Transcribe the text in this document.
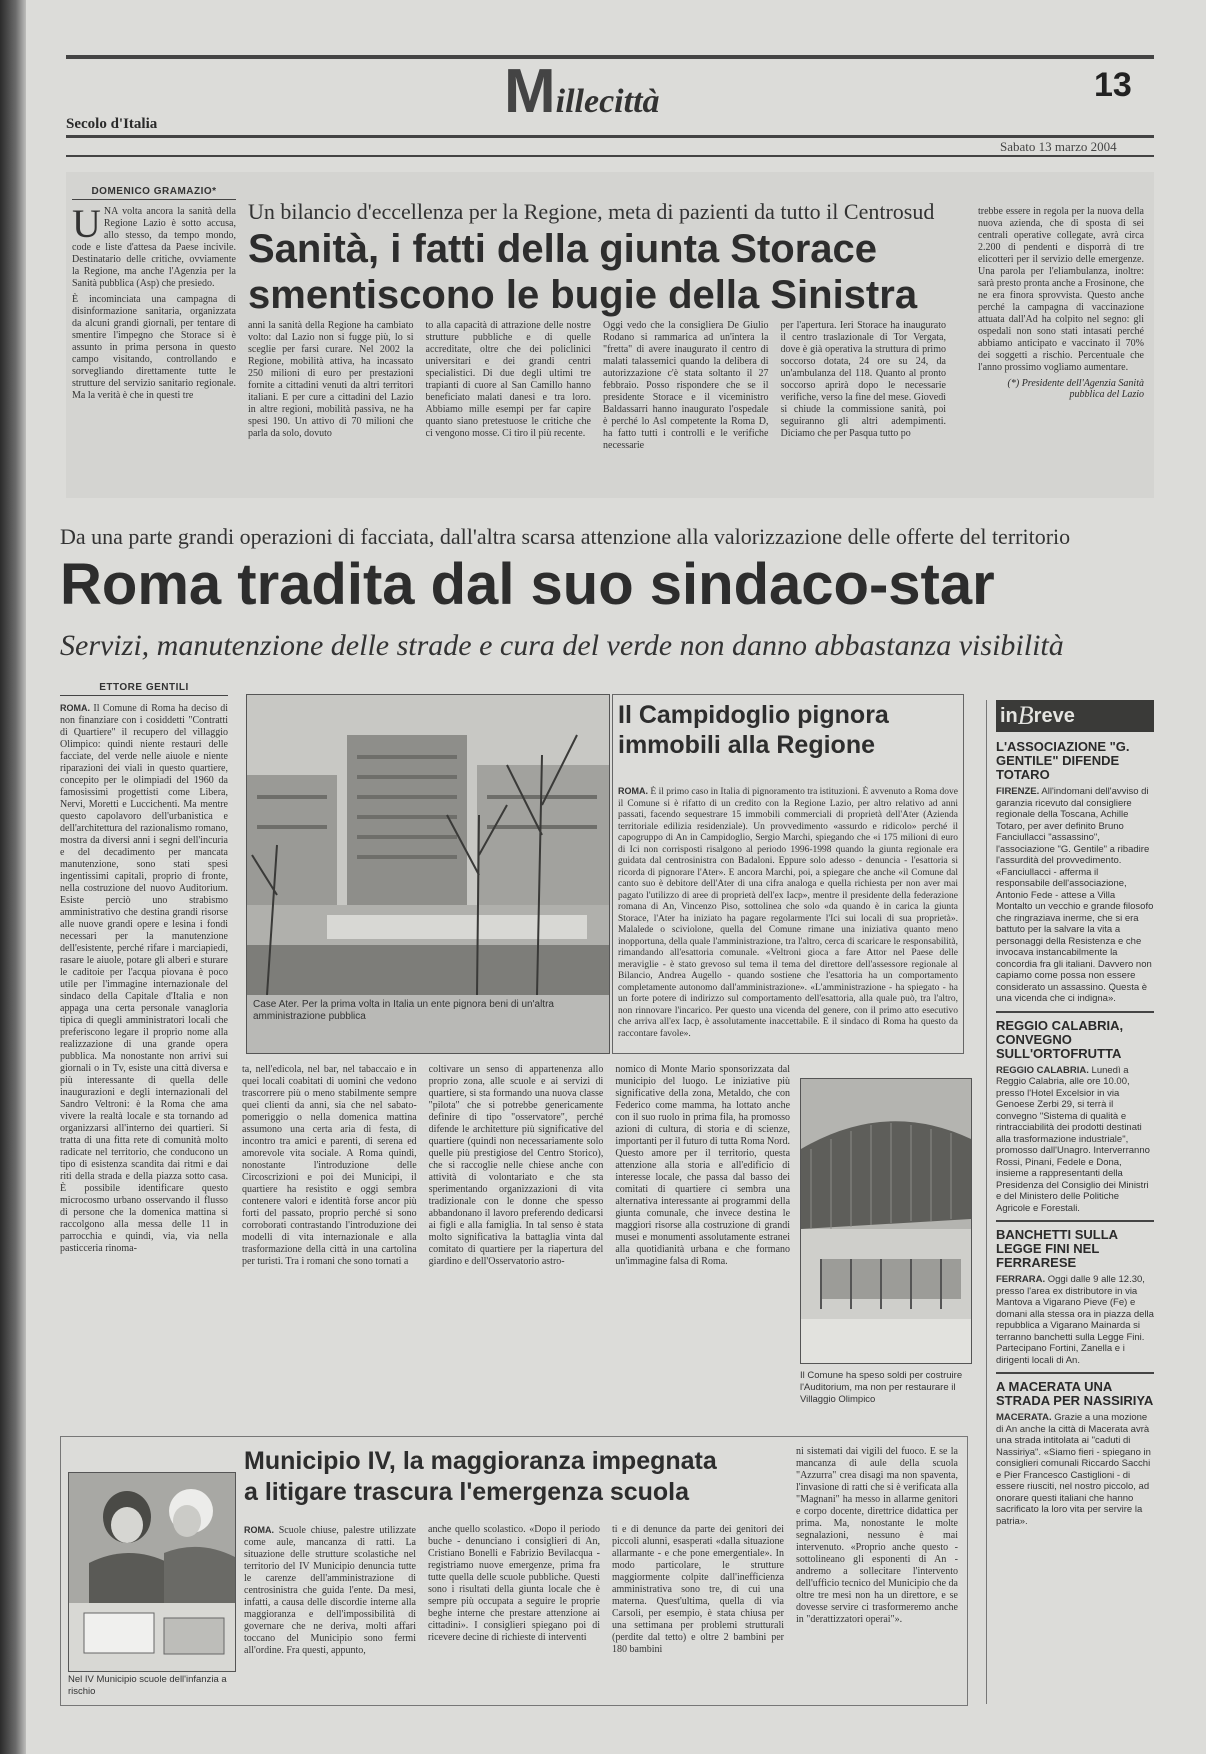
Secolo d'Italia	Millecittà	13
Sabato 13 marzo 2004
DOMENICO GRAMAZIO*
U NA volta ancora la sanità della Regione Lazio è sotto accusa, allo stesso, da tempo mondo, code e liste d'attesa da Paese incivile. Destinatario delle critiche, ovviamente la Regione, ma anche l'Agenzia per la Sanità pubblica (Asp) che presiedo.
È incominciata una campagna di disinformazione sanitaria, organizzata da alcuni grandi giornali, per tentare di smentire l'impegno che Storace si è assunto in prima persona in questo campo visitando, controllando e sorvegliando direttamente tutte le strutture del servizio sanitario regionale. Ma la verità è che in questi tre
Un bilancio d'eccellenza per la Regione, meta di pazienti da tutto il Centrosud
Sanità, i fatti della giunta Storace
smentiscono le bugie della Sinistra
anni la sanità della Regione ha cambiato volto: dal Lazio non si fugge più, lo si sceglie per farsi curare. Nel 2002 la Regione, mobilità attiva, ha incassato 250 milioni di euro per prestazioni fornite a cittadini venuti da altri territori italiani. E per cure a cittadini del Lazio in altre regioni, mobilità passiva, ne ha spesi 190. Un attivo di 70 milioni che parla da solo, dovuto
to alla capacità di attrazione delle nostre strutture pubbliche e di quelle accreditate, oltre che dei policlinici universitari e dei grandi centri specialistici. Di due degli ultimi tre trapianti di cuore al San Camillo hanno beneficiato malati danesi e tra loro. Abbiamo mille esempi per far capire quanto siano pretestuose le critiche che ci vengono mosse. Ci tiro il più recente.
Oggi vedo che la consigliera De Giulio Rodano si rammarica ad un'intera la "fretta" di avere inaugurato il centro di malati talassemici quando la delibera di autorizzazione c'è stata soltanto il 27 febbraio. Posso rispondere che se il presidente Storace e il viceministro Baldassarri hanno inaugurato l'ospedale è perché lo Asl competente la Roma D, ha fatto tutti i controlli e le verifiche necessarie
per l'apertura. Ieri Storace ha inaugurato il centro traslazionale di Tor Vergata, dove è già operativa la struttura di primo soccorso dotata, 24 ore su 24, da un'ambulanza del 118. Quanto al pronto soccorso aprirà dopo le necessarie verifiche, verso la fine del mese. Giovedì si chiude la commissione sanità, poi seguiranno gli altri adempimenti. Diciamo che per Pasqua tutto po
trebbe essere in regola per la nuova della nuova azienda, che di sposta di sei centrali operative collegate, avrà circa 2.200 di pendenti e disporrà di tre elicotteri per il servizio delle emergenze. Una parola per l'eliambulanza, inoltre: sarà presto pronta anche a Frosinone, che ne era finora sprovvista. Questo anche perché la campagna di vaccinazione attuata dall'Ad ha colpito nel segno: gli ospedali non sono stati intasati perché abbiamo anticipato e vaccinato il 70% dei soggetti a rischio. Percentuale che l'anno prossimo vogliamo aumentare.
(*) Presidente dell'Agenzia Sanità pubblica del Lazio
Da una parte grandi operazioni di facciata, dall'altra scarsa attenzione alla valorizzazione delle offerte del territorio
Roma tradita dal suo sindaco-star
Servizi, manutenzione delle strade e cura del verde non danno abbastanza visibilità
ETTORE GENTILI
ROMA. Il Comune di Roma ha deciso di non finanziare con i cosiddetti "Contratti di Quartiere" il recupero del villaggio Olimpico: quindi niente restauri delle facciate, del verde nelle aiuole e niente riparazioni dei viali in questo quartiere, concepito per le olimpiadi del 1960 da famosissimi progettisti come Libera, Nervi, Moretti e Luccichenti. Ma mentre questo capolavoro dell'urbanistica e dell'architettura del razionalismo romano, mostra da diversi anni i segni dell'incuria e del decadimento per mancata manutenzione, sono stati spesi ingentissimi capitali, proprio di fronte, nella costruzione del nuovo Auditorium. Esiste perciò uno strabismo amministrativo che destina grandi risorse alle nuove grandi opere e lesina i fondi necessari per la manutenzione dell'esistente, perché rifare i marciapiedi, rasare le aiuole, potare gli alberi e sturare le caditoie per l'acqua piovana è poco utile per l'immagine internazionale del sindaco della Capitale d'Italia e non appaga una certa personale vanagloria tipica di quegli amministratori locali che preferiscono legare il proprio nome alla realizzazione di una grande opera pubblica. Ma nonostante non arrivi sui giornali o in Tv, esiste una città diversa e più interessante di quella delle inaugurazioni e degli internazionali del Sandro Veltroni: è la Roma che ama vivere la realtà locale e sta tornando ad organizzarsi all'interno dei quartieri. Si tratta di una fitta rete di comunità molto radicate nel territorio, che conducono un tipo di esistenza scandita dai ritmi e dai riti della strada e della piazza sotto casa. È possibile identificare questo microcosmo urbano osservando il flusso di persone che la domenica mattina si raccolgono alla messa delle 11 in parrocchia e quindi, via, via nella pasticceria rinoma-
Case Ater. Per la prima volta in Italia un ente pignora beni di un'altra amministrazione pubblica
Il Campidoglio pignora immobili alla Regione
ROMA. È il primo caso in Italia di pignoramento tra istituzioni. È avvenuto a Roma dove il Comune si è rifatto di un credito con la Regione Lazio, per altro relativo ad anni passati, facendo sequestrare 15 immobili commerciali di proprietà dell'Ater (Azienda territoriale edilizia residenziale). Un provvedimento «assurdo e ridicolo» perché il capogruppo di An in Campidoglio, Sergio Marchi, spiegando che «i 175 milioni di euro di Ici non corrisposti risalgono al periodo 1996-1998 quando la giunta regionale era guidata dal centrosinistra con Badaloni. Eppure solo adesso - denuncia - l'esattoria si ricorda di pignorare l'Ater». E ancora Marchi, poi, a spiegare che anche «il Comune dal canto suo è debitore dell'Ater di una cifra analoga e quella richiesta per non aver mai pagato l'utilizzo di aree di proprietà dell'ex Iacp», mentre il presidente della federazione romana di An, Vincenzo Piso, sottolinea che solo «da quando è in carica la giunta Storace, l'Ater ha iniziato ha pagare regolarmente l'Ici sui locali di sua proprietà». Malalede o sciviolone, quella del Comune rimane una iniziativa quanto meno inopportuna, della quale l'amministrazione, tra l'altro, cerca di scaricare le responsabilità, rimandando all'esattoria comunale. «Veltroni gioca a fare Attor nel Paese delle meraviglie - è stato grevoso sul tema il tema del direttore dell'assessore regionale al Bilancio, Andrea Augello - quando sostiene che l'esattoria ha un comportamento completamente autonomo dall'amministrazione». «L'amministrazione - ha spiegato - ha un forte potere di indirizzo sul comportamento dell'esattoria, alla quale può, tra l'altro, non rinnovare l'incarico. Per questo una vicenda del genere, con il primo atto esecutivo che arriva all'ex Iacp, è assolutamente inaccettabile. E il sindaco di Roma ha questo da raccontare favole».
ta, nell'edicola, nel bar, nel tabaccaio e in quei locali coabitati di uomini che vedono trascorrere più o meno stabilmente sempre quei clienti da anni, sia che nel sabato-pomeriggio o nella domenica mattina assumono una certa aria di festa, di incontro tra amici e parenti, di serena ed amorevole vita sociale. A Roma quindi, nonostante l'introduzione delle Circoscrizioni e poi dei Municipi, il quartiere ha resistito e oggi sembra contenere valori e identità forse ancor più forti del passato, proprio perché si sono corroborati contrastando l'introduzione dei modelli di vita internazionale e alla trasformazione della città in una cartolina per turisti. Tra i romani che sono tornati a
coltivare un senso di appartenenza allo proprio zona, alle scuole e ai servizi di quartiere, si sta formando una nuova classe "pilota" che si potrebbe genericamente definire di tipo "osservatore", perché difende le architetture più significative del quartiere (quindi non necessariamente solo quelle più prestigiose del Centro Storico), che si raccoglie nelle chiese anche con attività di volontariato e che sta sperimentando organizzazioni di vita tradizionale con le donne che spesso abbandonano il lavoro preferendo dedicarsi ai figli e alla famiglia. In tal senso è stata molto significativa la battaglia vinta dal comitato di quartiere per la riapertura del giardino e dell'Osservatorio astro-
nomico di Monte Mario sponsorizzata dal municipio del luogo. Le iniziative più significative della zona, Metaldo, che con Federico come mamma, ha lottato anche con il suo ruolo in prima fila, ha promosso azioni di cultura, di storia e di scienze, importanti per il futuro di tutta Roma Nord. Questo amore per il territorio, questa attenzione alla storia e all'edificio di interesse locale, che passa dal basso dei comitati di quartiere ci sembra una alternativa interessante ai programmi della giunta comunale, che invece destina le maggiori risorse alla costruzione di grandi musei e monumenti assolutamente estranei alla quotidianità urbana e che formano un'immagine falsa di Roma.
Il Comune ha speso soldi per costruire l'Auditorium, ma non per restaurare il Villaggio Olimpico
Nel IV Municipio scuole dell'infanzia a rischio
Municipio IV, la maggioranza impegnata
a litigare trascura l'emergenza scuola
ROMA. Scuole chiuse, palestre utilizzate come aule, mancanza di ratti. La situazione delle strutture scolastiche nel territorio del IV Municipio denuncia tutte le carenze dell'amministrazione di centrosinistra che guida l'ente. Da mesi, infatti, a causa delle discordie interne alla maggioranza e dell'impossibilità di governare che ne deriva, molti affari toccano del Municipio sono fermi all'ordine. Fra questi, appunto,
anche quello scolastico. «Dopo il periodo buche - denunciano i consiglieri di An, Cristiano Bonelli e Fabrizio Bevilacqua - registriamo nuove emergenze, prima fra tutte quella delle scuole pubbliche. Questi sono i risultati della giunta locale che è sempre più occupata a seguire le proprie beghe interne che prestare attenzione ai cittadini». I consiglieri spiegano poi di ricevere decine di richieste di interventi
ti e di denunce da parte dei genitori dei piccoli alunni, esasperati «dalla situazione allarmante - e che pone emergentiale». In modo particolare, le strutture maggiormente colpite dall'inefficienza amministrativa sono tre, di cui una materna. Quest'ultima, quella di via Carsoli, per esempio, è stata chiusa per una settimana per problemi strutturali (perdite dal tetto) e oltre 2 bambini per 180 bambini
ni sistemati dai vigili del fuoco. E se la mancanza di aule della scuola "Azzurra" crea disagi ma non spaventa, l'invasione di ratti che si è verificata alla "Magnani" ha messo in allarme genitori e corpo docente, direttrice didattica per prima. Ma, nonostante le molte segnalazioni, nessuno è mai intervenuto. «Proprio anche questo - sottolineano gli esponenti di An - andremo a sollecitare l'intervento dell'ufficio tecnico del Municipio che da oltre tre mesi non ha un direttore, e se dovesse servire ci trasformeremo anche in "derattizzatori operai"».
in B reve
L'ASSOCIAZIONE "G. GENTILE" DIFENDE TOTARO
FIRENZE. All'indomani dell'avviso di garanzia ricevuto dal consigliere regionale della Toscana, Achille Totaro, per aver definito Bruno Fanciullacci "assassino", l'associazione "G. Gentile" a ribadire l'assurdità del provvedimento. «Fanciullacci - afferma il responsabile dell'associazione, Antonio Fede - attese a Villa Montalto un vecchio e grande filosofo che ringraziava inerme, che si era battuto per la salvare la vita a personaggi della Resistenza e che invocava instancabilmente la concordia fra gli italiani. Davvero non capiamo come possa non essere considerato un assassino. Questa è una vicenda che ci indigna».
REGGIO CALABRIA, CONVEGNO SULL'ORTOFRUTTA
REGGIO CALABRIA. Lunedì a Reggio Calabria, alle ore 10.00, presso l'Hotel Excelsior in via Genoese Zerbi 29, si terrà il convegno "Sistema di qualità e rintracciabilità dei prodotti destinati alla trasformazione industriale", promosso dall'Unagro. Interverranno Rossi, Pinani, Fedele e Dona, insieme a rappresentanti della Presidenza del Consiglio dei Ministri e del Ministero delle Politiche Agricole e Forestali.
BANCHETTI SULLA LEGGE FINI NEL FERRARESE
FERRARA. Oggi dalle 9 alle 12.30, presso l'area ex distributore in via Mantova a Vigarano Pieve (Fe) e domani alla stessa ora in piazza della repubblica a Vigarano Mainarda si terranno banchetti sulla Legge Fini. Partecipano Fortini, Zanella e i dirigenti locali di An.
A MACERATA UNA STRADA PER NASSIRIYA
MACERATA. Grazie a una mozione di An anche la città di Macerata avrà una strada intitolata ai "caduti di Nassiriya". «Siamo fieri - spiegano in consiglieri comunali Riccardo Sacchi e Pier Francesco Castiglioni - di essere riusciti, nel nostro piccolo, ad onorare questi italiani che hanno sacrificato la loro vita per servire la patria».
